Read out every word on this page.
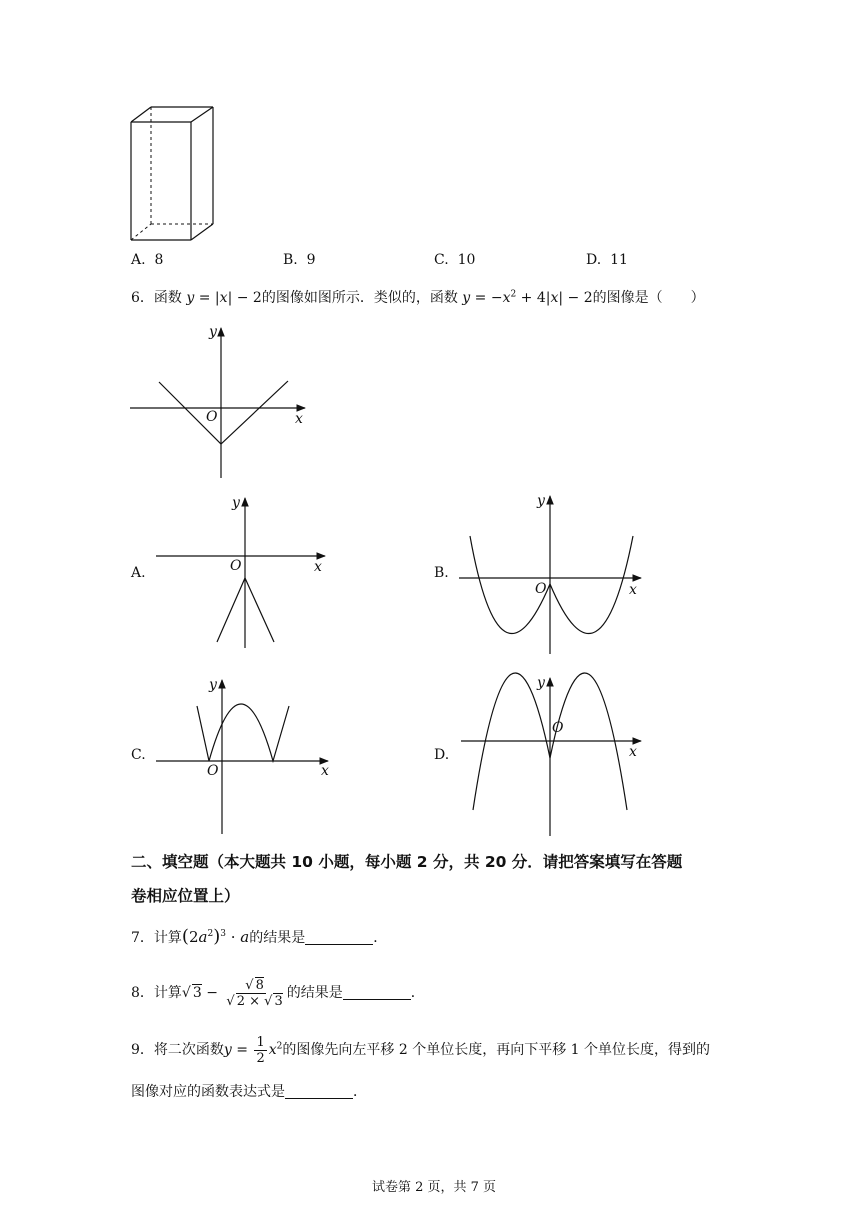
A. 8	B. 9	C. 10	D. 11
6．函数 y = |x| − 2的图像如图所示．类似的，函数 $y = -x^2 + 4|x| - 2$的图像是（　　）
y
x
O
A.
y
x
O	B.
y
x
O
C.
y
x
O
D.
y
x
O
二、填空题（本大题共 10 小题，每小题 2 分，共 20 分．请把答案填写在答题
卷相应位置上）
7．计算$(2a^2)^3 \cdot a$的结果是	．
8．计算√ $3 - \frac{√ 8}{√ 2 \times √ 3}$ 的结果是	．
9．将二次函数$y = \frac{1}{2} x^2$的图像先向左平移 2 个单位长度，再向下平移 1 个单位长度，得到的
图像对应的函数表达式是	．
试卷第 2 页，共 7 页
